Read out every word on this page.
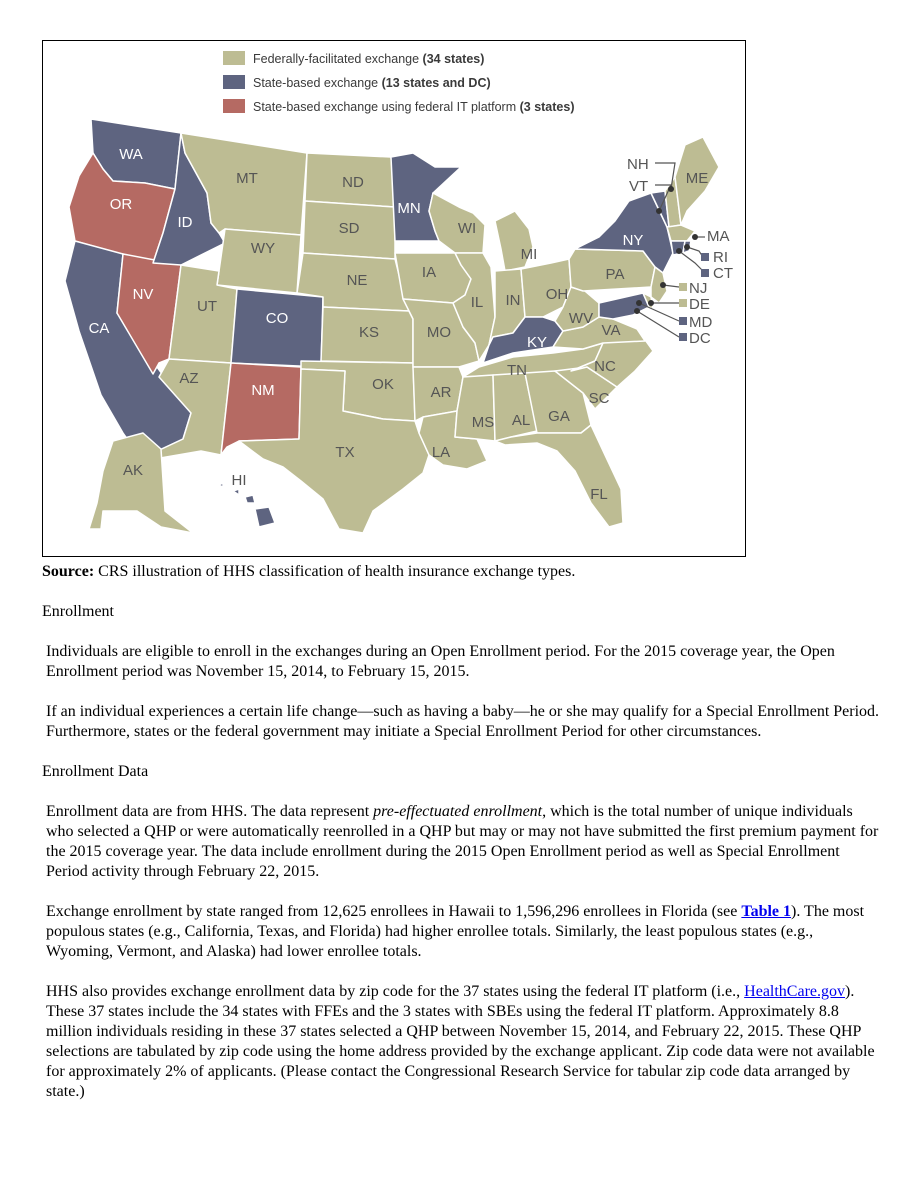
Federally-facilitated exchange (34 states)
State-based exchange (13 states and DC)
State-based exchange using federal IT platform (3 states)
WA
OR
CA
NV
ID
MT
WY
UT
AZ
CO
NM
ND
SD
NE
KS
OK
TX
MN
IA
MO
AR
LA
WI
IL
MI
IN OH
KY
TN
MS AL GA
FL
SC
NC
VA
WV
PA
NY
ME
AK
HI
NH
VT
MA
RI
CT
NJ
DE
MD
DC

Source: CRS illustration of HHS classification of health insurance exchange types.

Enrollment

Individuals are eligible to enroll in the exchanges during an Open Enrollment period. For the 2015 coverage year, the Open Enrollment period was November 15, 2014, to February 15, 2015.

If an individual experiences a certain life change—such as having a baby—he or she may qualify for a Special Enrollment Period. Furthermore, states or the federal government may initiate a Special Enrollment Period for other circumstances.

Enrollment Data

Enrollment data are from HHS. The data represent pre-effectuated enrollment, which is the total number of unique individuals who selected a QHP or were automatically reenrolled in a QHP but may or may not have submitted the first premium payment for the 2015 coverage year. The data include enrollment during the 2015 Open Enrollment period as well as Special Enrollment Period activity through February 22, 2015.

Exchange enrollment by state ranged from 12,625 enrollees in Hawaii to 1,596,296 enrollees in Florida (see Table 1). The most populous states (e.g., California, Texas, and Florida) had higher enrollee totals. Similarly, the least populous states (e.g., Wyoming, Vermont, and Alaska) had lower enrollee totals.

HHS also provides exchange enrollment data by zip code for the 37 states using the federal IT platform (i.e., HealthCare.gov). These 37 states include the 34 states with FFEs and the 3 states with SBEs using the federal IT platform. Approximately 8.8 million individuals residing in these 37 states selected a QHP between November 15, 2014, and February 22, 2015. These QHP selections are tabulated by zip code using the home address provided by the exchange applicant. Zip code data were not available for approximately 2% of applicants. (Please contact the Congressional Research Service for tabular zip code data arranged by state.)
